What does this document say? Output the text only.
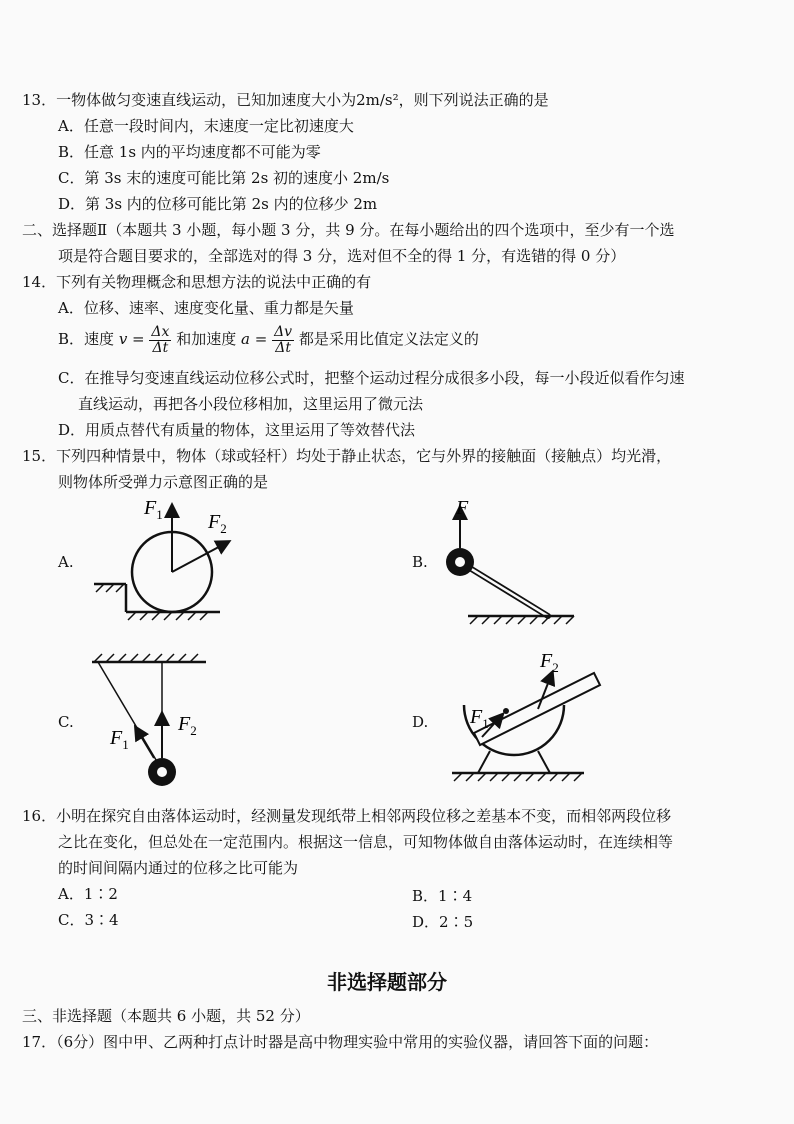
13．一物体做匀变速直线运动，已知加速度大小为2m/s²，则下列说法正确的是
A．任意一段时间内，末速度一定比初速度大
B．任意 1s 内的平均速度都不可能为零
C．第 3s 末的速度可能比第 2s 初的速度小 2m/s
D．第 3s 内的位移可能比第 2s 内的位移少 2m
二、选择题Ⅱ（本题共 3 小题，每小题 3 分，共 9 分。在每小题给出的四个选项中，至少有一个选
项是符合题目要求的，全部选对的得 3 分，选对但不全的得 1 分，有选错的得 0 分）
14．下列有关物理概念和思想方法的说法中正确的有
A．位移、速率、速度变化量、重力都是矢量
B．速度 $v = \frac{\Delta x}{\Delta t}$ 和加速度 $a = \frac{\Delta v}{\Delta t}$ 都是采用比值定义法定义的
C．在推导匀变速直线运动位移公式时，把整个运动过程分成很多小段，每一小段近似看作匀速
直线运动，再把各小段位移相加，这里运用了微元法
D．用质点替代有质量的物体，这里运用了等效替代法
15．下列四种情景中，物体（球或轻杆）均处于静止状态，它与外界的接触面（接触点）均光滑，
则物体所受弹力示意图正确的是
A.
$F_1$ $F_2$
B.
F
C.
$F_1$
$F_2$	D. $F_1$
$F_2$
16．小明在探究自由落体运动时，经测量发现纸带上相邻两段位移之差基本不变，而相邻两段位移
之比在变化，但总处在一定范围内。根据这一信息，可知物体做自由落体运动时，在连续相等
的时间间隔内通过的位移之比可能为
A．1∶2	B．1∶4
C．3∶4	D．2∶5
非选择题部分
三、非选择题（本题共 6 小题，共 52 分）
17．（6分）图中甲、乙两种打点计时器是高中物理实验中常用的实验仪器，请回答下面的问题：
